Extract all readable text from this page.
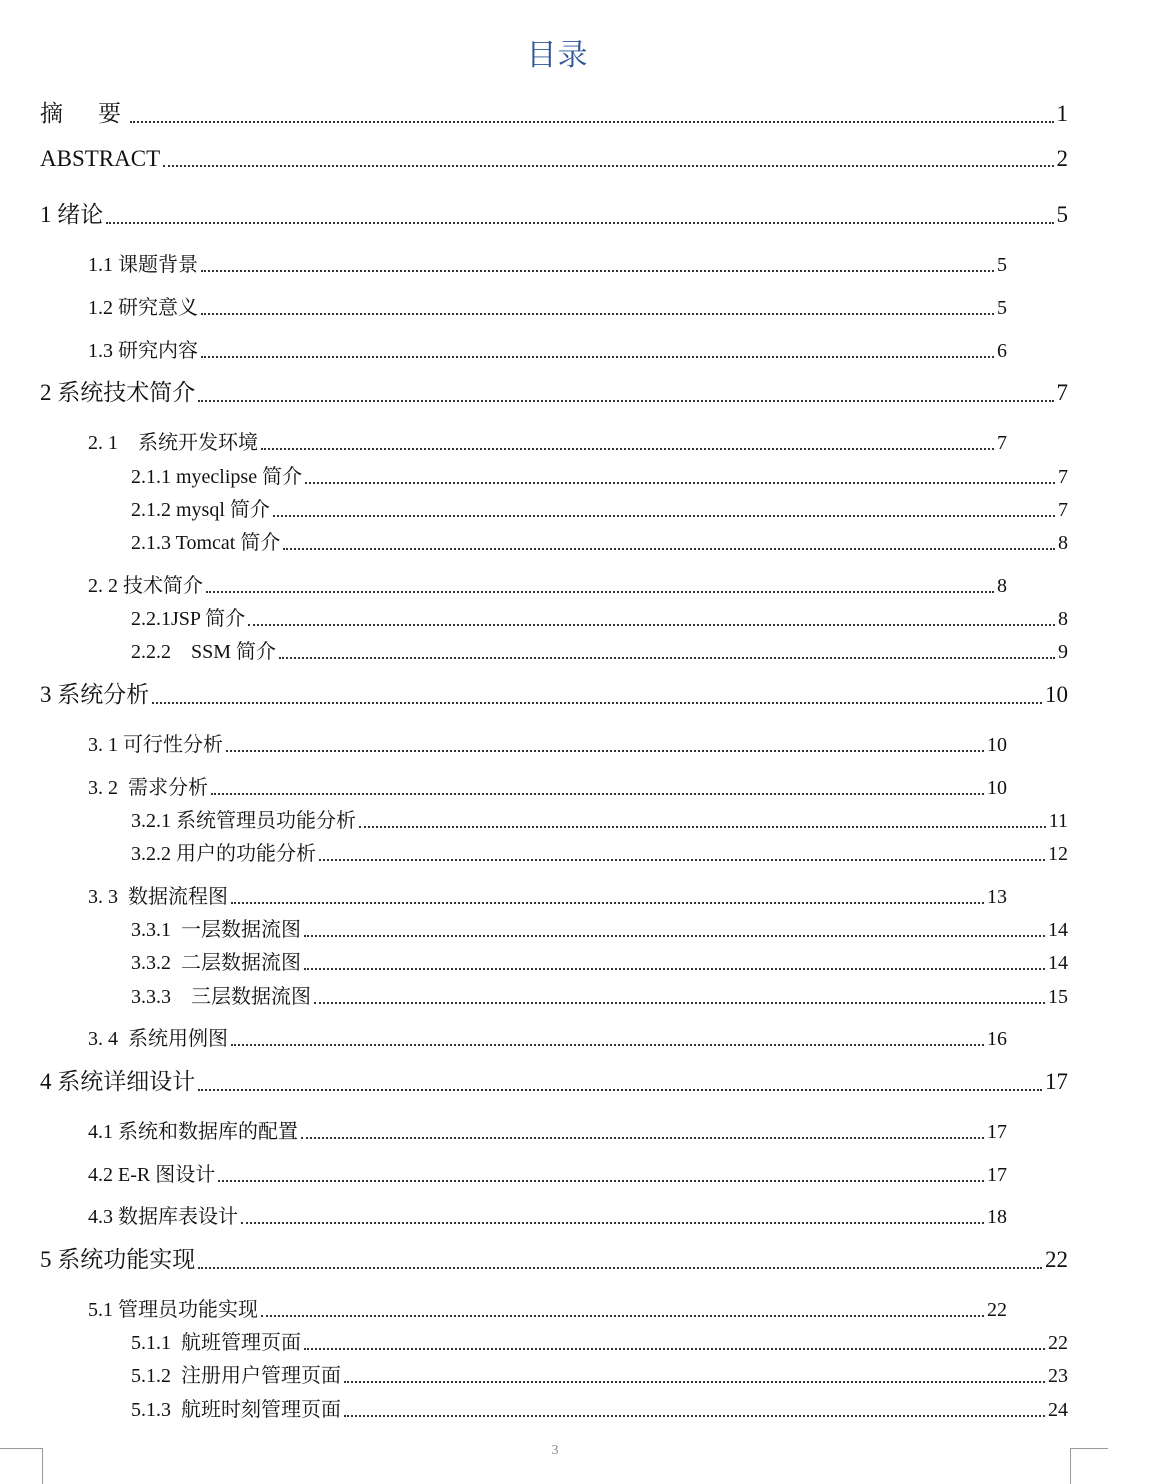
目录
摘　要	1
ABSTRACT	2
1 绪论	5
1.1 课题背景	5
1.2 研究意义	5
1.3 研究内容	6
2 系统技术简介	7
2. 1    系统开发环境	7
2.1.1 myeclipse 简介	7
2.1.2 mysql 简介	7
2.1.3 Tomcat 简介	8
2. 2 技术简介	8
2.2.1JSP 简介	8
2.2.2    SSM 简介	9
3 系统分析	10
3. 1 可行性分析	10
3. 2  需求分析	10
3.2.1 系统管理员功能分析	11
3.2.2 用户的功能分析	12
3. 3  数据流程图	13
3.3.1  一层数据流图	14
3.3.2  二层数据流图	14
3.3.3    三层数据流图	15
3. 4  系统用例图	16
4 系统详细设计	17
4.1 系统和数据库的配置	17
4.2 E-R 图设计	17
4.3 数据库表设计	18
5 系统功能实现	22
5.1 管理员功能实现	22
5.1.1  航班管理页面	22
5.1.2  注册用户管理页面	23
5.1.3  航班时刻管理页面	24
3
